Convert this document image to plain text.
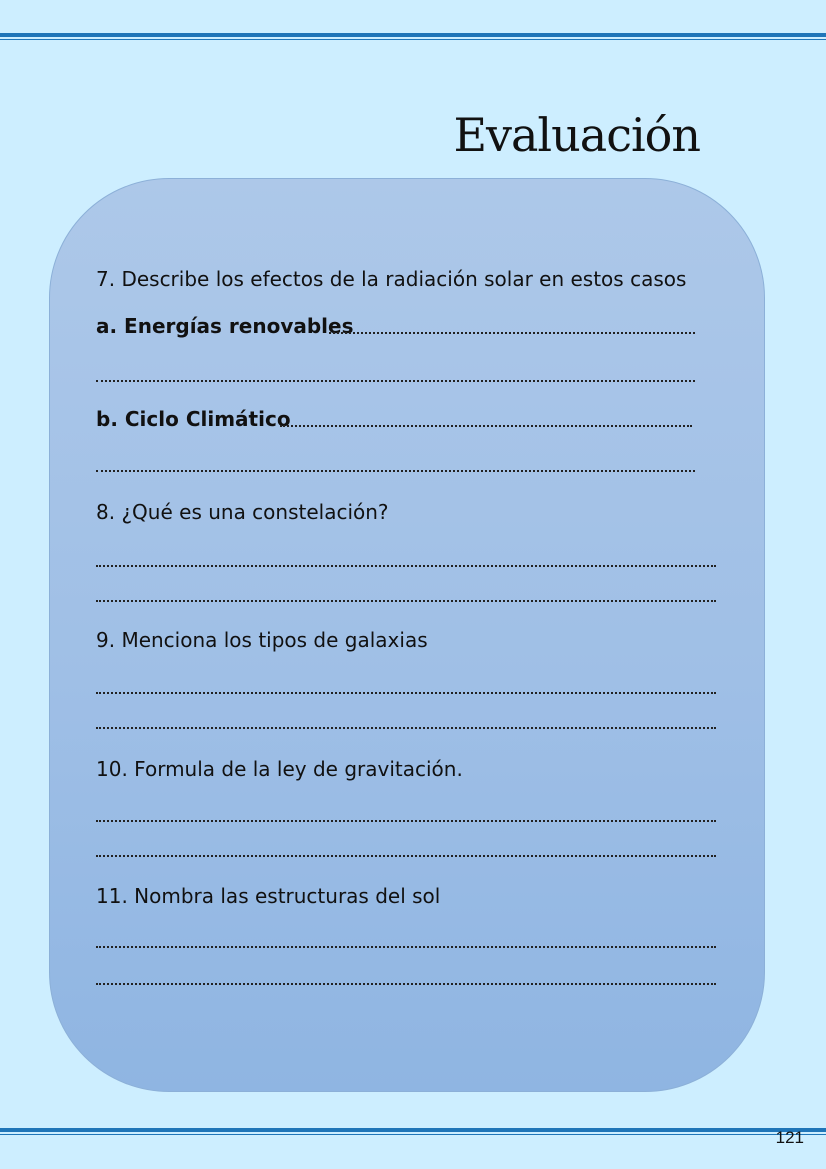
Evaluación
7. Describe los efectos de la radiación solar en estos casos
a. Energías renovables
b. Ciclo Climático
8. ¿Qué es una constelación?
9. Menciona los tipos de galaxias
10. Formula de la ley de gravitación.
11. Nombra las estructuras del sol
121
